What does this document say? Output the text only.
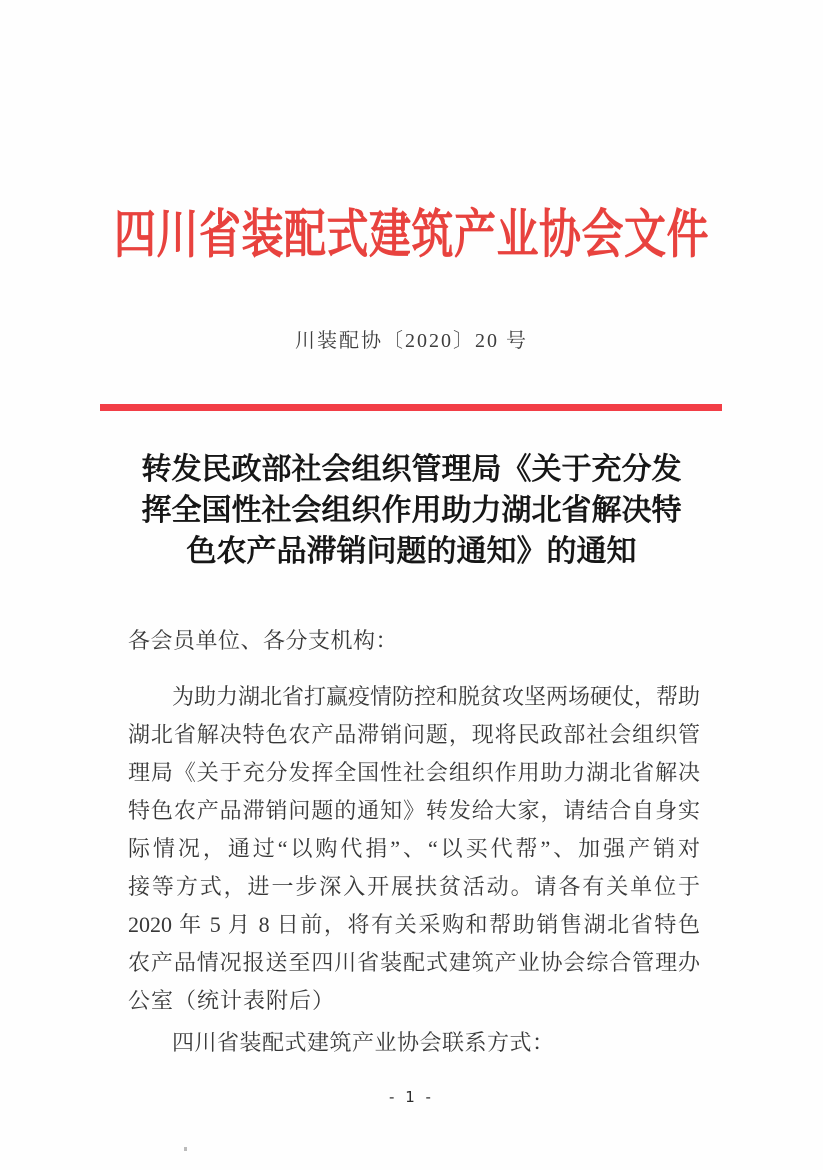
四川省装配式建筑产业协会文件
川装配协〔2020〕20 号
转发民政部社会组织管理局《关于充分发
挥全国性社会组织作用助力湖北省解决特
色农产品滞销问题的通知》的通知
各会员单位、各分支机构：
为助力湖北省打赢疫情防控和脱贫攻坚两场硬仗，帮助
湖北省解决特色农产品滞销问题，现将民政部社会组织管
理局《关于充分发挥全国性社会组织作用助力湖北省解决
特色农产品滞销问题的通知》转发给大家，请结合自身实
际情况，通过“以购代捐”、“以买代帮”、加强产销对
接等方式，进一步深入开展扶贫活动。请各有关单位于
2020 年 5 月 8 日前，将有关采购和帮助销售湖北省特色
农产品情况报送至四川省装配式建筑产业协会综合管理办
公室（统计表附后）
四川省装配式建筑产业协会联系方式：
- 1 -
